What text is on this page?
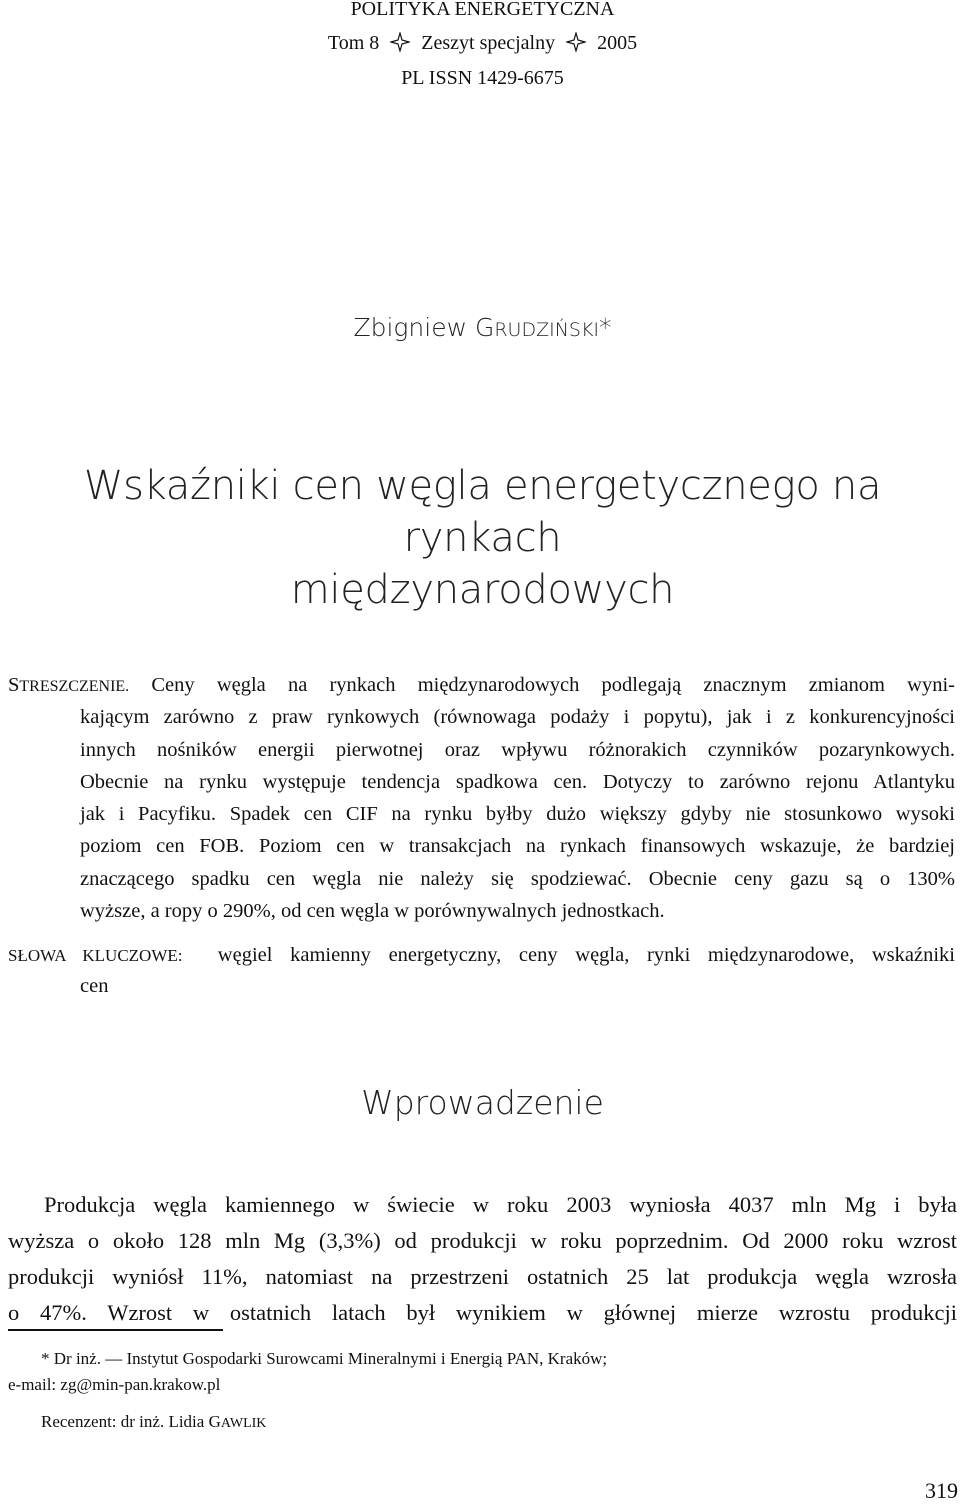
POLITYKA ENERGETYCZNA
Tom 8 Zeszyt specjalny 2005
PL ISSN 1429-6675
Zbigniew GRUDZIŃSKI*
Wskaźniki cen węgla energetycznego na rynkach
międzynarodowych
STRESZCZENIE. Ceny węgla na rynkach międzynarodowych podlegają znacznym zmianom wyni-
kającym zarówno z praw rynkowych (równowaga podaży i popytu), jak i z konkurencyjności
innych nośników energii pierwotnej oraz wpływu różnorakich czynników pozarynkowych.
Obecnie na rynku występuje tendencja spadkowa cen. Dotyczy to zarówno rejonu Atlantyku
jak i Pacyfiku. Spadek cen CIF na rynku byłby dużo większy gdyby nie stosunkowo wysoki
poziom cen FOB. Poziom cen w transakcjach na rynkach finansowych wskazuje, że bardziej
znaczącego spadku cen węgla nie należy się spodziewać. Obecnie ceny gazu są o 130%
wyższe, a ropy o 290%, od cen węgla w porównywalnych jednostkach.
SŁOWA KLUCZOWE: węgiel kamienny energetyczny, ceny węgla, rynki międzynarodowe, wskaźniki
cen
Wprowadzenie
Produkcja węgla kamiennego w świecie w roku 2003 wyniosła 4037 mln Mg i była
wyższa o około 128 mln Mg (3,3%) od produkcji w roku poprzednim. Od 2000 roku wzrost
produkcji wyniósł 11%, natomiast na przestrzeni ostatnich 25 lat produkcja węgla wzrosła
o 47%. Wzrost w ostatnich latach był wynikiem w głównej mierze wzrostu produkcji
* Dr inż. — Instytut Gospodarki Surowcami Mineralnymi i Energią PAN, Kraków;
e-mail: zg@min-pan.krakow.pl
Recenzent: dr inż. Lidia GAWLIK
319
